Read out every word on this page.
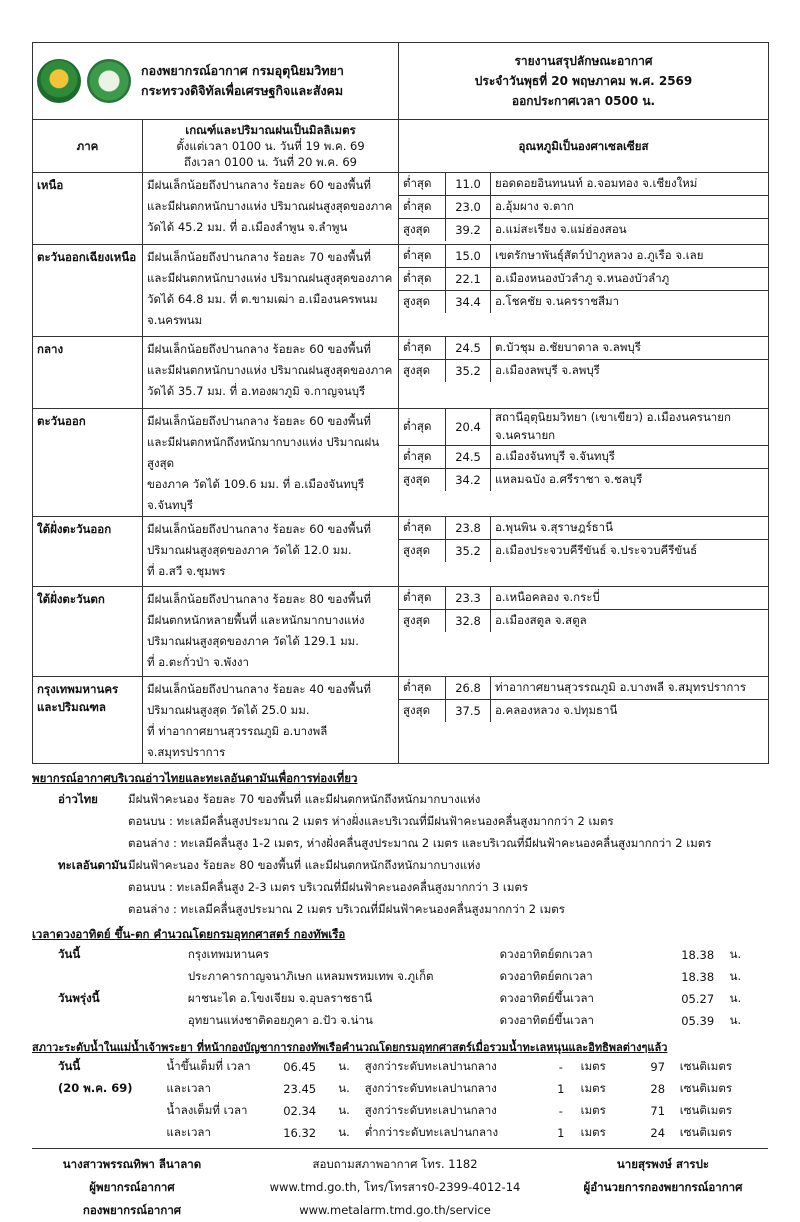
กองพยากรณ์อากาศ กรมอุตุนิยมวิทยา
กระทรวงดิจิทัลเพื่อเศรษฐกิจและสังคม

รายงานสรุปลักษณะอากาศ
ประจำวันพุธที่ 20 พฤษภาคม พ.ศ. 2569
ออกประกาศเวลา 0500 น.

ภาค	
เกณฑ์และปริมาณฝนเป็นมิลลิเมตร
ตั้งแต่เวลา 0100 น. วันที่ 19 พ.ค. 69
ถึงเวลา 0100 น. วันที่ 20 พ.ค. 69
	อุณหภูมิเป็นองศาเซลเซียส
เหนือ	มีฝนเล็กน้อยถึงปานกลาง ร้อยละ 60 ของพื้นที่
และมีฝนตกหนักบางแห่ง ปริมาณฝนสูงสุดของภาค
วัดได้ 45.2 มม. ที่ อ.เมืองลำพูน จ.ลำพูน

ต่ำสุด	11.0	ยอดดอยอินทนนท์ อ.จอมทอง จ.เชียงใหม่
ต่ำสุด	23.0	อ.อุ้มผาง จ.ตาก
สูงสุด	39.2	อ.แม่สะเรียง จ.แม่ฮ่องสอน

ตะวันออกเฉียงเหนือ	มีฝนเล็กน้อยถึงปานกลาง ร้อยละ 70 ของพื้นที่
และมีฝนตกหนักบางแห่ง ปริมาณฝนสูงสุดของภาค
วัดได้ 64.8 มม. ที่ ต.ขามเฒ่า อ.เมืองนครพนม
จ.นครพนม

ต่ำสุด	15.0	เขตรักษาพันธุ์สัตว์ป่าภูหลวง อ.ภูเรือ จ.เลย
ต่ำสุด	22.1	อ.เมืองหนองบัวลำภู จ.หนองบัวลำภู
สูงสุด	34.4	อ.โชคชัย จ.นครราชสีมา

กลาง	มีฝนเล็กน้อยถึงปานกลาง ร้อยละ 60 ของพื้นที่
และมีฝนตกหนักบางแห่ง ปริมาณฝนสูงสุดของภาค
วัดได้ 35.7 มม. ที่ อ.ทองผาภูมิ จ.กาญจนบุรี

ต่ำสุด	24.5	ต.บัวชุม อ.ชัยบาดาล จ.ลพบุรี
สูงสุด	35.2	อ.เมืองลพบุรี จ.ลพบุรี

ตะวันออก	มีฝนเล็กน้อยถึงปานกลาง ร้อยละ 60 ของพื้นที่
และมีฝนตกหนักถึงหนักมากบางแห่ง ปริมาณฝนสูงสุด
ของภาค วัดได้ 109.6 มม. ที่ อ.เมืองจันทบุรี จ.จันทบุรี

ต่ำสุด	20.4	สถานีอุตุนิยมวิทยา (เขาเขียว) อ.เมืองนครนายก จ.นครนายก
ต่ำสุด	24.5	อ.เมืองจันทบุรี จ.จันทบุรี
สูงสุด	34.2	แหลมฉบัง อ.ศรีราชา จ.ชลบุรี

ใต้ฝั่งตะวันออก	มีฝนเล็กน้อยถึงปานกลาง ร้อยละ 60 ของพื้นที่
ปริมาณฝนสูงสุดของภาค วัดได้ 12.0 มม.
ที่ อ.สวี จ.ชุมพร

ต่ำสุด	23.8	อ.พุนพิน จ.สุราษฎร์ธานี
สูงสุด	35.2	อ.เมืองประจวบคีรีขันธ์ จ.ประจวบคีรีขันธ์

ใต้ฝั่งตะวันตก	มีฝนเล็กน้อยถึงปานกลาง ร้อยละ 80 ของพื้นที่
มีฝนตกหนักหลายพื้นที่ และหนักมากบางแห่ง
ปริมาณฝนสูงสุดของภาค วัดได้ 129.1 มม.
ที่ อ.ตะกั่วป่า จ.พังงา

ต่ำสุด	23.3	อ.เหนือคลอง จ.กระบี่
สูงสุด	32.8	อ.เมืองสตูล จ.สตูล

กรุงเทพมหานคร
และปริมณฑล	
มีฝนเล็กน้อยถึงปานกลาง ร้อยละ 40 ของพื้นที่
ปริมาณฝนสูงสุด วัดได้ 25.0 มม.
ที่ ท่าอากาศยานสุวรรณภูมิ อ.บางพลี จ.สมุทรปราการ

ต่ำสุด	26.8	ท่าอากาศยานสุวรรณภูมิ อ.บางพลี จ.สมุทรปราการ
สูงสุด	37.5	อ.คลองหลวง จ.ปทุมธานี
พยากรณ์อากาศบริเวณอ่าวไทยและทะเลอันดามันเพื่อการท่องเที่ยว
อ่าวไทย	มีฝนฟ้าคะนอง ร้อยละ 70 ของพื้นที่ และมีฝนตกหนักถึงหนักมากบางแห่ง
ตอนบน : ทะเลมีคลื่นสูงประมาณ 2 เมตร ห่างฝั่งและบริเวณที่มีฝนฟ้าคะนองคลื่นสูงมากกว่า 2 เมตร
ตอนล่าง : ทะเลมีคลื่นสูง 1-2 เมตร, ห่างฝั่งคลื่นสูงประมาณ 2 เมตร และบริเวณที่มีฝนฟ้าคะนองคลื่นสูงมากกว่า 2 เมตร
ทะเลอันดามัน มีฝนฟ้าคะนอง ร้อยละ 80 ของพื้นที่ และมีฝนตกหนักถึงหนักมากบางแห่ง
ตอนบน : ทะเลมีคลื่นสูง 2-3 เมตร บริเวณที่มีฝนฟ้าคะนองคลื่นสูงมากกว่า 3 เมตร
ตอนล่าง : ทะเลมีคลื่นสูงประมาณ 2 เมตร บริเวณที่มีฝนฟ้าคะนองคลื่นสูงมากกว่า 2 เมตร
เวลาดวงอาทิตย์ ขึ้น-ตก คำนวณโดยกรมอุทกศาสตร์ กองทัพเรือ
วันนี้	กรุงเทพมหานคร	ดวงอาทิตย์ตกเวลา	18.38	น.
	ประภาคารกาญจนาภิเษก แหลมพรหมเทพ จ.ภูเก็ต	ดวงอาทิตย์ตกเวลา	18.38	น.
วันพรุ่งนี้	ผาชนะได อ.โขงเจียม จ.อุบลราชธานี	ดวงอาทิตย์ขึ้นเวลา	05.27	น.
	อุทยานแห่งชาติดอยภูคา อ.ปัว จ.น่าน	ดวงอาทิตย์ขึ้นเวลา	05.39	น.
สภาวะระดับน้ำในแม่น้ำเจ้าพระยา ที่หน้ากองบัญชาการกองทัพเรือคำนวณโดยกรมอุทกศาสตร์เมื่อรวมน้ำทะเลหนุนและอิทธิพลต่างๆแล้ว
วันนี้	น้ำขึ้นเต็มที่ เวลา	06.45	น.	สูงกว่าระดับทะเลปานกลาง	-	เมตร	97	เซนติเมตร
(20 พ.ค. 69)	และเวลา	23.45	น.	สูงกว่าระดับทะเลปานกลาง	1	เมตร	28	เซนติเมตร
	น้ำลงเต็มที่ เวลา	02.34	น.	สูงกว่าระดับทะเลปานกลาง	-	เมตร	71	เซนติเมตร
	และเวลา	16.32	น.	ต่ำกว่าระดับทะเลปานกลาง	1	เมตร	24	เซนติเมตร
นางสาวพรรณทิพา ลีนาลาด
ผู้พยากรณ์อากาศ
กองพยากรณ์อากาศ
สอบถามสภาพอากาศ โทร. 1182
www.tmd.go.th, โทร/โทรสาร0-2399-4012-14
www.metalarm.tmd.go.th/service
นายสุรพงษ์ สารปะ
ผู้อำนวยการกองพยากรณ์อากาศ
